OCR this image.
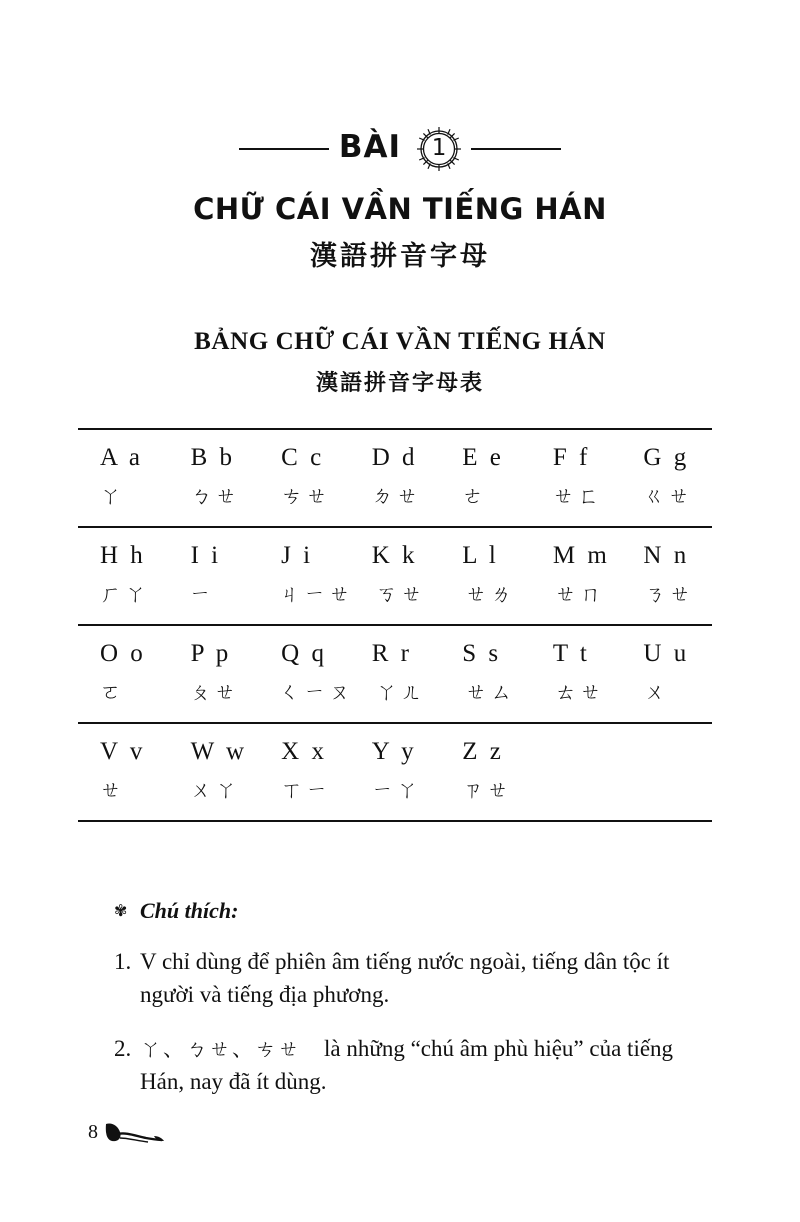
BÀI	1
CHỮ CÁI VẦN TIẾNG HÁN
漢語拼音字母
BẢNG CHỮ CÁI VẦN TIẾNG HÁN
漢語拼音字母表
A a	B b	C c	D d	E e	F f	G g
ㄚ	ㄅㄝ	ㄘㄝ	ㄉㄝ	ㄜ	ㄝㄈ	ㄍㄝ

H h	I i	J i	K k	L l	M m	N n
ㄏㄚ	ㄧ	ㄐㄧㄝ	ㄎㄝ	ㄝㄌ	ㄝㄇ	ㄋㄝ

O o	P p	Q q	R r	S s	T t	U u
ㄛ	ㄆㄝ	ㄑㄧㄡ	ㄚㄦ	ㄝㄙ	ㄊㄝ	ㄨ

V v	W w	X x	Y y	Z z
ㄝ	ㄨㄚ	ㄒㄧ	ㄧㄚ	ㄗㄝ
✾ Chú thích:
1. V chỉ dùng để phiên âm tiếng nước ngoài, tiếng dân tộc ít người và tiếng địa phương.
2. ㄚ、ㄅㄝ、ㄘㄝ là những “chú âm phù hiệu” của tiếng Hán, nay đã ít dùng.
8
